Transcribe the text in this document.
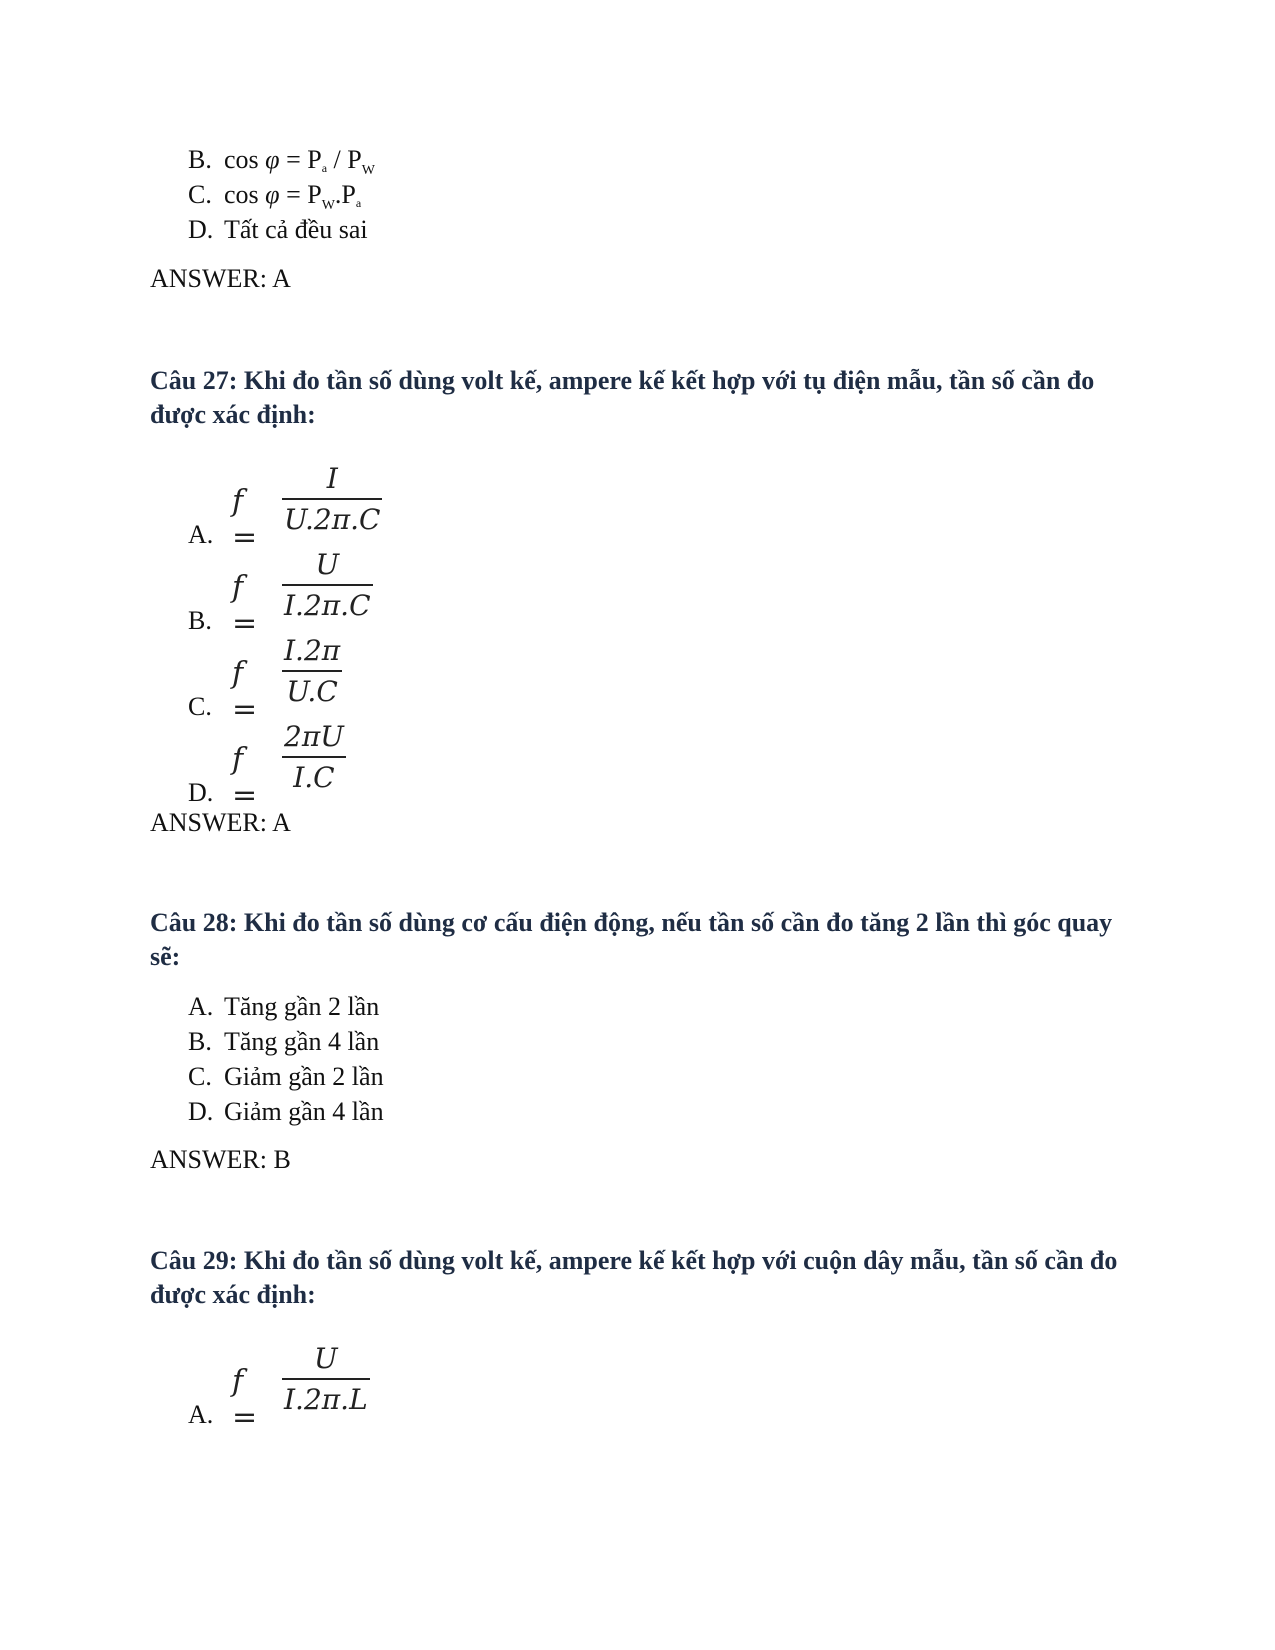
B. $\cos \varphi = Pa / P_W$
C. $\cos \varphi = P_W.Pa$
D. Tất cả đều sai
ANSWER: A
Câu 27: Khi đo tần số dùng volt kế, ampere kế kết hợp với tụ điện mẫu, tần số cần đo được xác định:
A.
f =
I
U.2π.C
B.
f =
U
I.2π.C
C.
f =
I.2π
U.C
D.
f =
2πU
I.C
ANSWER: A
Câu 28: Khi đo tần số dùng cơ cấu điện động, nếu tần số cần đo tăng 2 lần thì góc quay sẽ:
A. Tăng gần 2 lần
B. Tăng gần 4 lần
C. Giảm gần 2 lần
D. Giảm gần 4 lần
ANSWER: B
Câu 29: Khi đo tần số dùng volt kế, ampere kế kết hợp với cuộn dây mẫu, tần số cần đo được xác định:
A.
f =
U
I.2π.L
